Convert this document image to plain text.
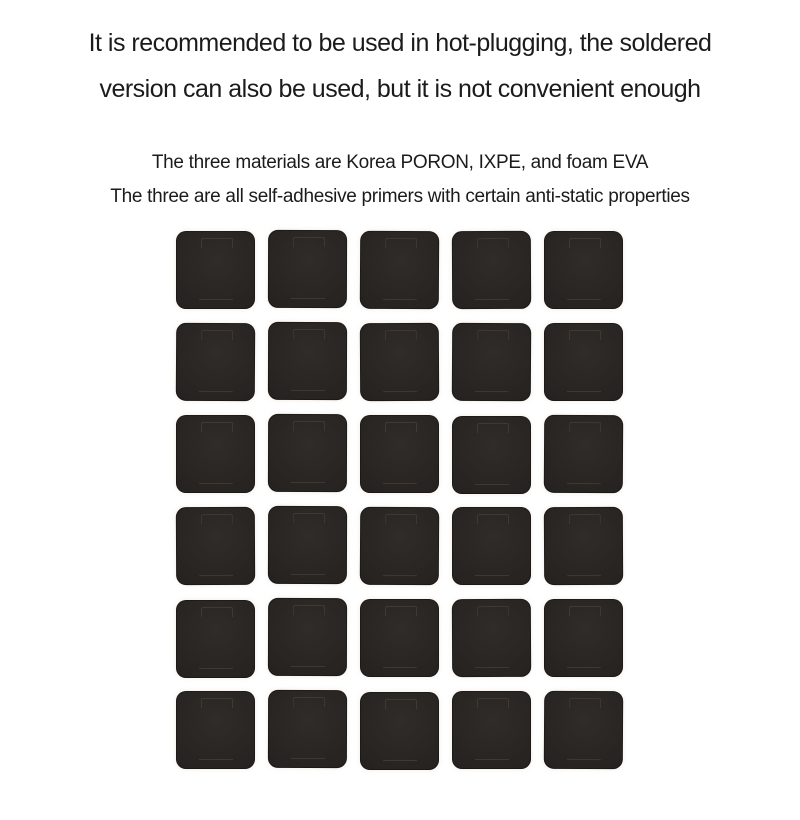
It is recommended to be used in hot-plugging, the soldered
version can also be used, but it is not convenient enough
The three materials are Korea PORON, IXPE, and foam EVA
The three are all self-adhesive primers with certain anti-static properties
